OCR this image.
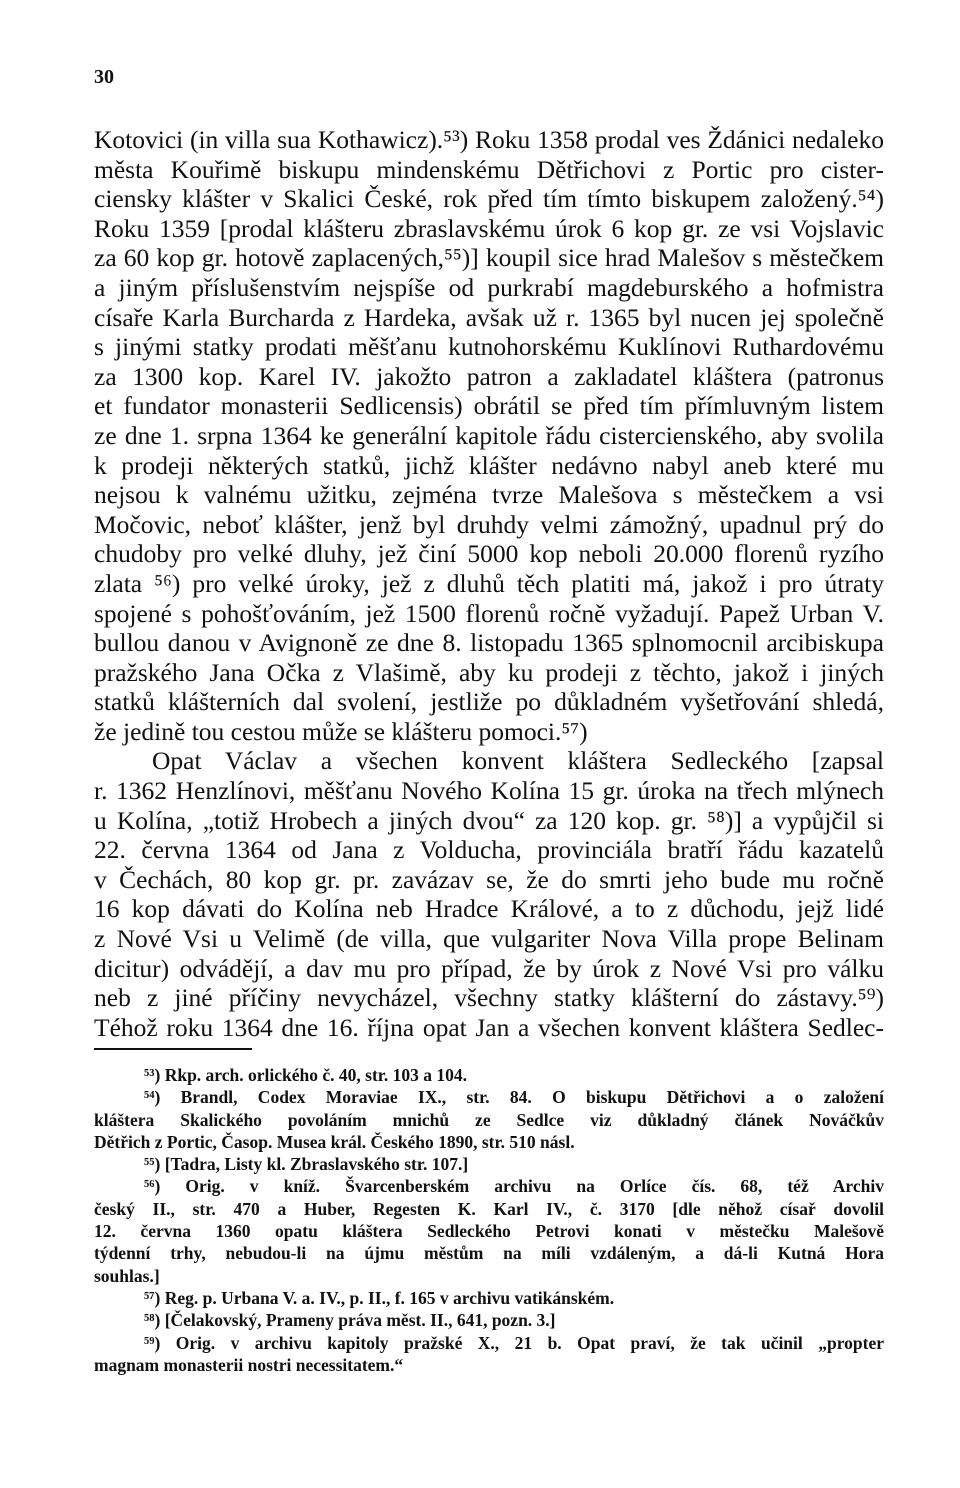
30
Kotovici (in villa sua Kothawicz).⁵³) Roku 1358 prodal ves Ždánici nedaleko
města Kouřimě biskupu mindenskému Dětřichovi z Portic pro cister-
ciensky klášter v Skalici České, rok před tím tímto biskupem založený.⁵⁴)
Roku 1359 [prodal klášteru zbraslavskému úrok 6 kop gr. ze vsi Vojslavic
za 60 kop gr. hotově zaplacených,⁵⁵)] koupil sice hrad Malešov s městečkem
a jiným příslušenstvím nejspíše od purkrabí magdeburského a hofmistra
císaře Karla Burcharda z Hardeka, avšak už r. 1365 byl nucen jej společně
s jinými statky prodati měšťanu kutnohorskému Kuklínovi Ruthardovému
za 1300 kop. Karel IV. jakožto patron a zakladatel kláštera (patronus
et fundator monasterii Sedlicensis) obrátil se před tím přímluvným listem
ze dne 1. srpna 1364 ke generální kapitole řádu cistercienského, aby svolila
k prodeji některých statků, jichž klášter nedávno nabyl aneb které mu
nejsou k valnému užitku, zejména tvrze Malešova s městečkem a vsi
Močovic, neboť klášter, jenž byl druhdy velmi zámožný, upadnul prý do
chudoby pro velké dluhy, jež činí 5000 kop neboli 20.000 florenů ryzího
zlata ⁵⁶) pro velké úroky, jež z dluhů těch platiti má, jakož i pro útraty
spojené s pohošťováním, jež 1500 florenů ročně vyžadují. Papež Urban V.
bullou danou v Avignoně ze dne 8. listopadu 1365 splnomocnil arcibiskupa
pražského Jana Očka z Vlašimě, aby ku prodeji z těchto, jakož i jiných
statků klášterních dal svolení, jestliže po důkladném vyšetřování shledá,
že jedině tou cestou může se klášteru pomoci.⁵⁷)
Opat Václav a všechen konvent kláštera Sedleckého [zapsal
r. 1362 Henzlínovi, měšťanu Nového Kolína 15 gr. úroka na třech mlýnech
u Kolína, „totiž Hrobech a jiných dvou“ za 120 kop. gr. ⁵⁸)] a vypůjčil si
22. června 1364 od Jana z Volducha, provinciála bratří řádu kazatelů
v Čechách, 80 kop gr. pr. zavázav se, že do smrti jeho bude mu ročně
16 kop dávati do Kolína neb Hradce Králové, a to z důchodu, jejž lidé
z Nové Vsi u Velimě (de villa, que vulgariter Nova Villa prope Belinam
dicitur) odvádějí, a dav mu pro případ, že by úrok z Nové Vsi pro válku
neb z jiné příčiny nevycházel, všechny statky klášterní do zástavy.⁵⁹)
Téhož roku 1364 dne 16. října opat Jan a všechen konvent kláštera Sedlec-
⁵³) Rkp. arch. orlického č. 40, str. 103 a 104.
⁵⁴) Brandl, Codex Moraviae IX., str. 84. O biskupu Dětřichovi a o založení
kláštera Skalického povoláním mnichů ze Sedlce viz důkladný článek Nováčkův
Dětřich z Portic, Časop. Musea král. Českého 1890, str. 510 násl.
⁵⁵) [Tadra, Listy kl. Zbraslavského str. 107.]
⁵⁶) Orig. v kníž. Švarcenberském archivu na Orlíce čís. 68, též Archiv
český II., str. 470 a Huber, Regesten K. Karl IV., č. 3170 [dle něhož císař dovolil
12. června 1360 opatu kláštera Sedleckého Petrovi konati v městečku Malešově
týdenní trhy, nebudou-li na újmu městům na míli vzdáleným, a dá-li Kutná Hora
souhlas.]
⁵⁷) Reg. p. Urbana V. a. IV., p. II., f. 165 v archivu vatikánském.
⁵⁸) [Čelakovský, Prameny práva měst. II., 641, pozn. 3.]
⁵⁹) Orig. v archivu kapitoly pražské X., 21 b. Opat praví, že tak učinil „propter
magnam monasterii nostri necessitatem.“
